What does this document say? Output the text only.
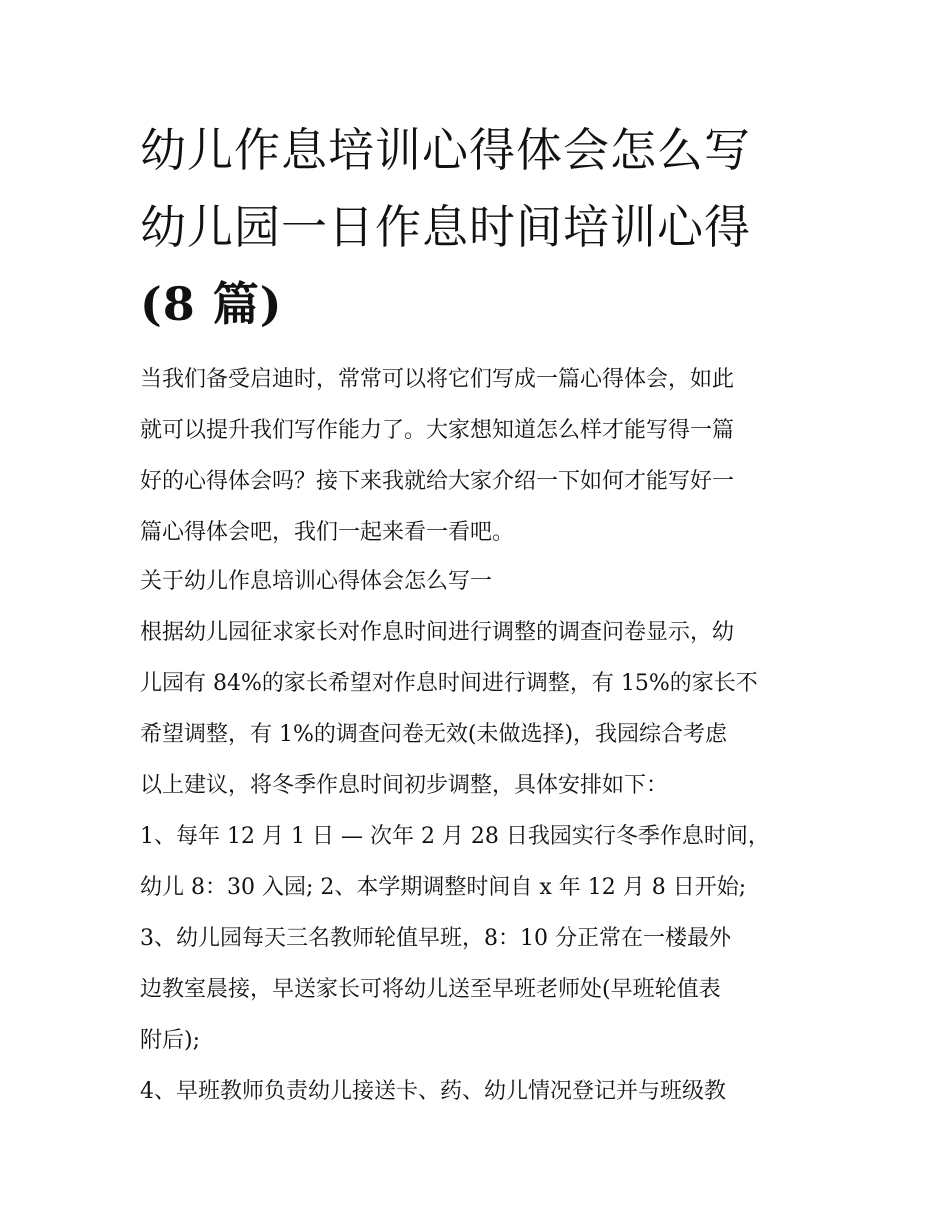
幼儿作息培训心得体会怎么写
幼儿园一日作息时间培训心得
(8 篇)
当我们备受启迪时，常常可以将它们写成一篇心得体会，如此
就可以提升我们写作能力了。大家想知道怎么样才能写得一篇
好的心得体会吗？接下来我就给大家介绍一下如何才能写好一
篇心得体会吧，我们一起来看一看吧。
关于幼儿作息培训心得体会怎么写一
根据幼儿园征求家长对作息时间进行调整的调查问卷显示，幼
儿园有 84%的家长希望对作息时间进行调整，有 15%的家长不
希望调整，有 1%的调查问卷无效(未做选择)，我园综合考虑
以上建议，将冬季作息时间初步调整，具体安排如下：
1、每年 12 月 1 日 — 次年 2 月 28 日我园实行冬季作息时间，
幼儿 8：30 入园; 2、本学期调整时间自 x 年 12 月 8 日开始;
3、幼儿园每天三名教师轮值早班，8：10 分正常在一楼最外
边教室晨接，早送家长可将幼儿送至早班老师处(早班轮值表
附后);
4、早班教师负责幼儿接送卡、药、幼儿情况登记并与班级教
